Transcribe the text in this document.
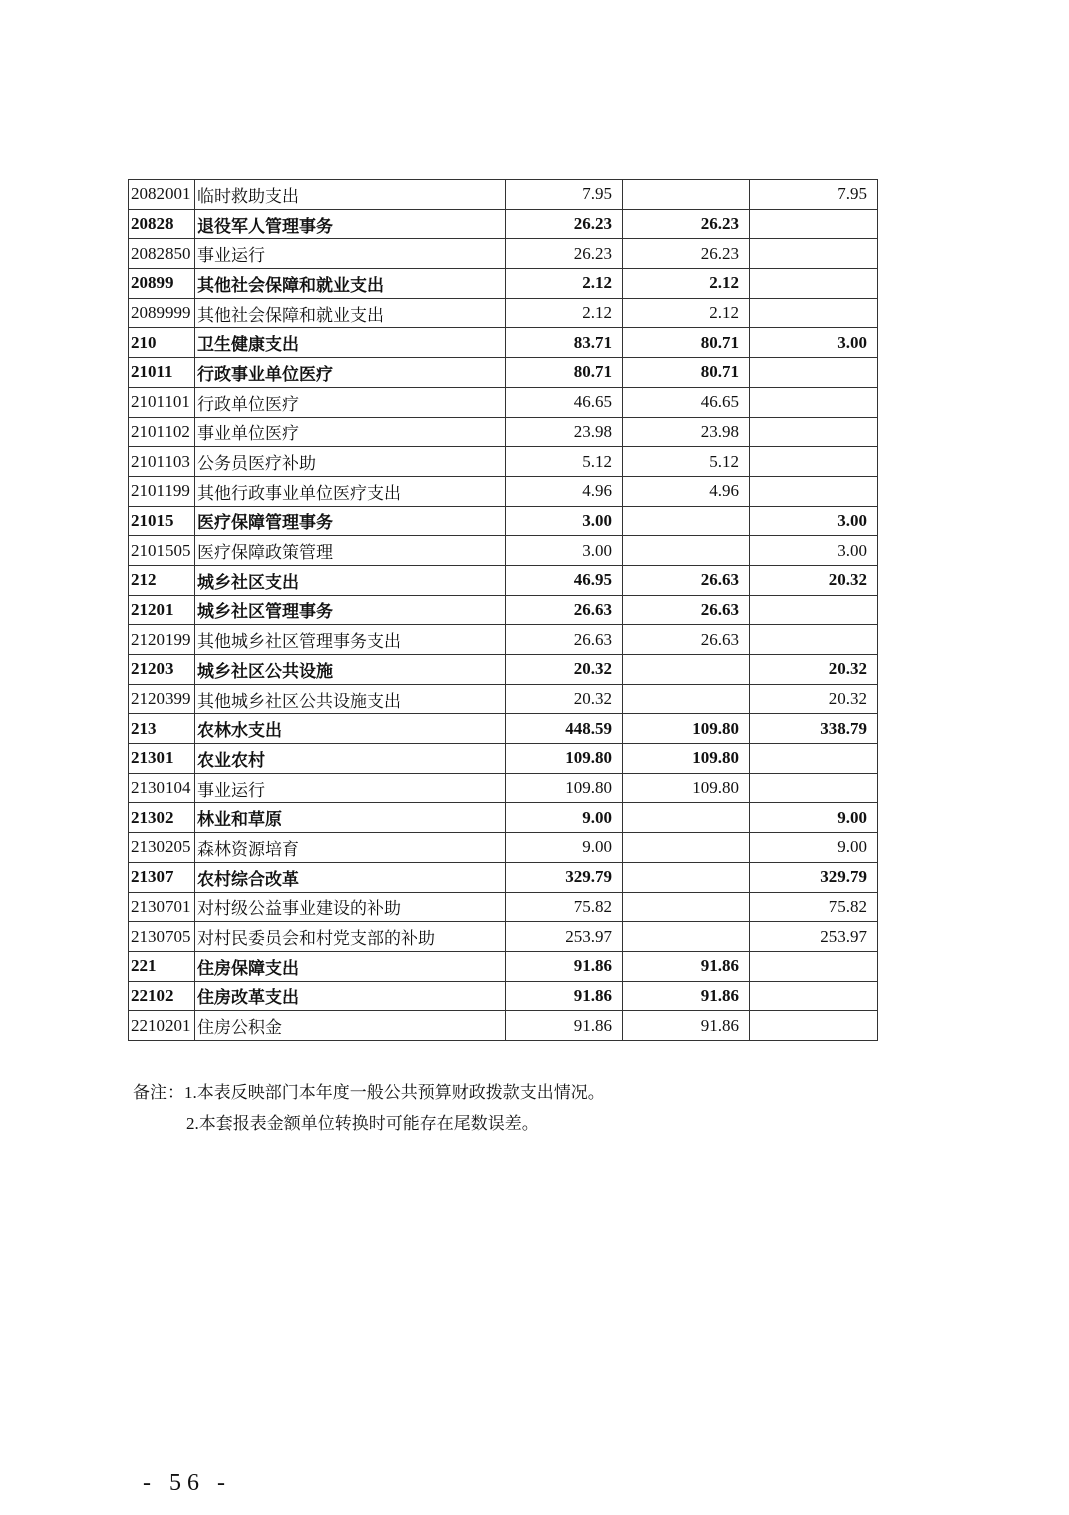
2082001	临时救助支出	7.95		7.95
20828	退役军人管理事务	26.23	26.23	
2082850	事业运行	26.23	26.23	
20899	其他社会保障和就业支出	2.12	2.12	
2089999	其他社会保障和就业支出	2.12	2.12	
210	卫生健康支出	83.71	80.71	3.00
21011	行政事业单位医疗	80.71	80.71	
2101101	行政单位医疗	46.65	46.65	
2101102	事业单位医疗	23.98	23.98	
2101103	公务员医疗补助	5.12	5.12	
2101199	其他行政事业单位医疗支出	4.96	4.96	
21015	医疗保障管理事务	3.00		3.00
2101505	医疗保障政策管理	3.00		3.00
212	城乡社区支出	46.95	26.63	20.32
21201	城乡社区管理事务	26.63	26.63	
2120199	其他城乡社区管理事务支出	26.63	26.63	
21203	城乡社区公共设施	20.32		20.32
2120399	其他城乡社区公共设施支出	20.32		20.32
213	农林水支出	448.59	109.80	338.79
21301	农业农村	109.80	109.80	
2130104	事业运行	109.80	109.80	
21302	林业和草原	9.00		9.00
2130205	森林资源培育	9.00		9.00
21307	农村综合改革	329.79		329.79
2130701	对村级公益事业建设的补助	75.82		75.82
2130705	对村民委员会和村党支部的补助	253.97		253.97
221	住房保障支出	91.86	91.86	
22102	住房改革支出	91.86	91.86	
2210201	住房公积金	91.86	91.86	
备注：1.本表反映部门本年度一般公共预算财政拨款支出情况。
2.本套报表金额单位转换时可能存在尾数误差。
- 56 -
